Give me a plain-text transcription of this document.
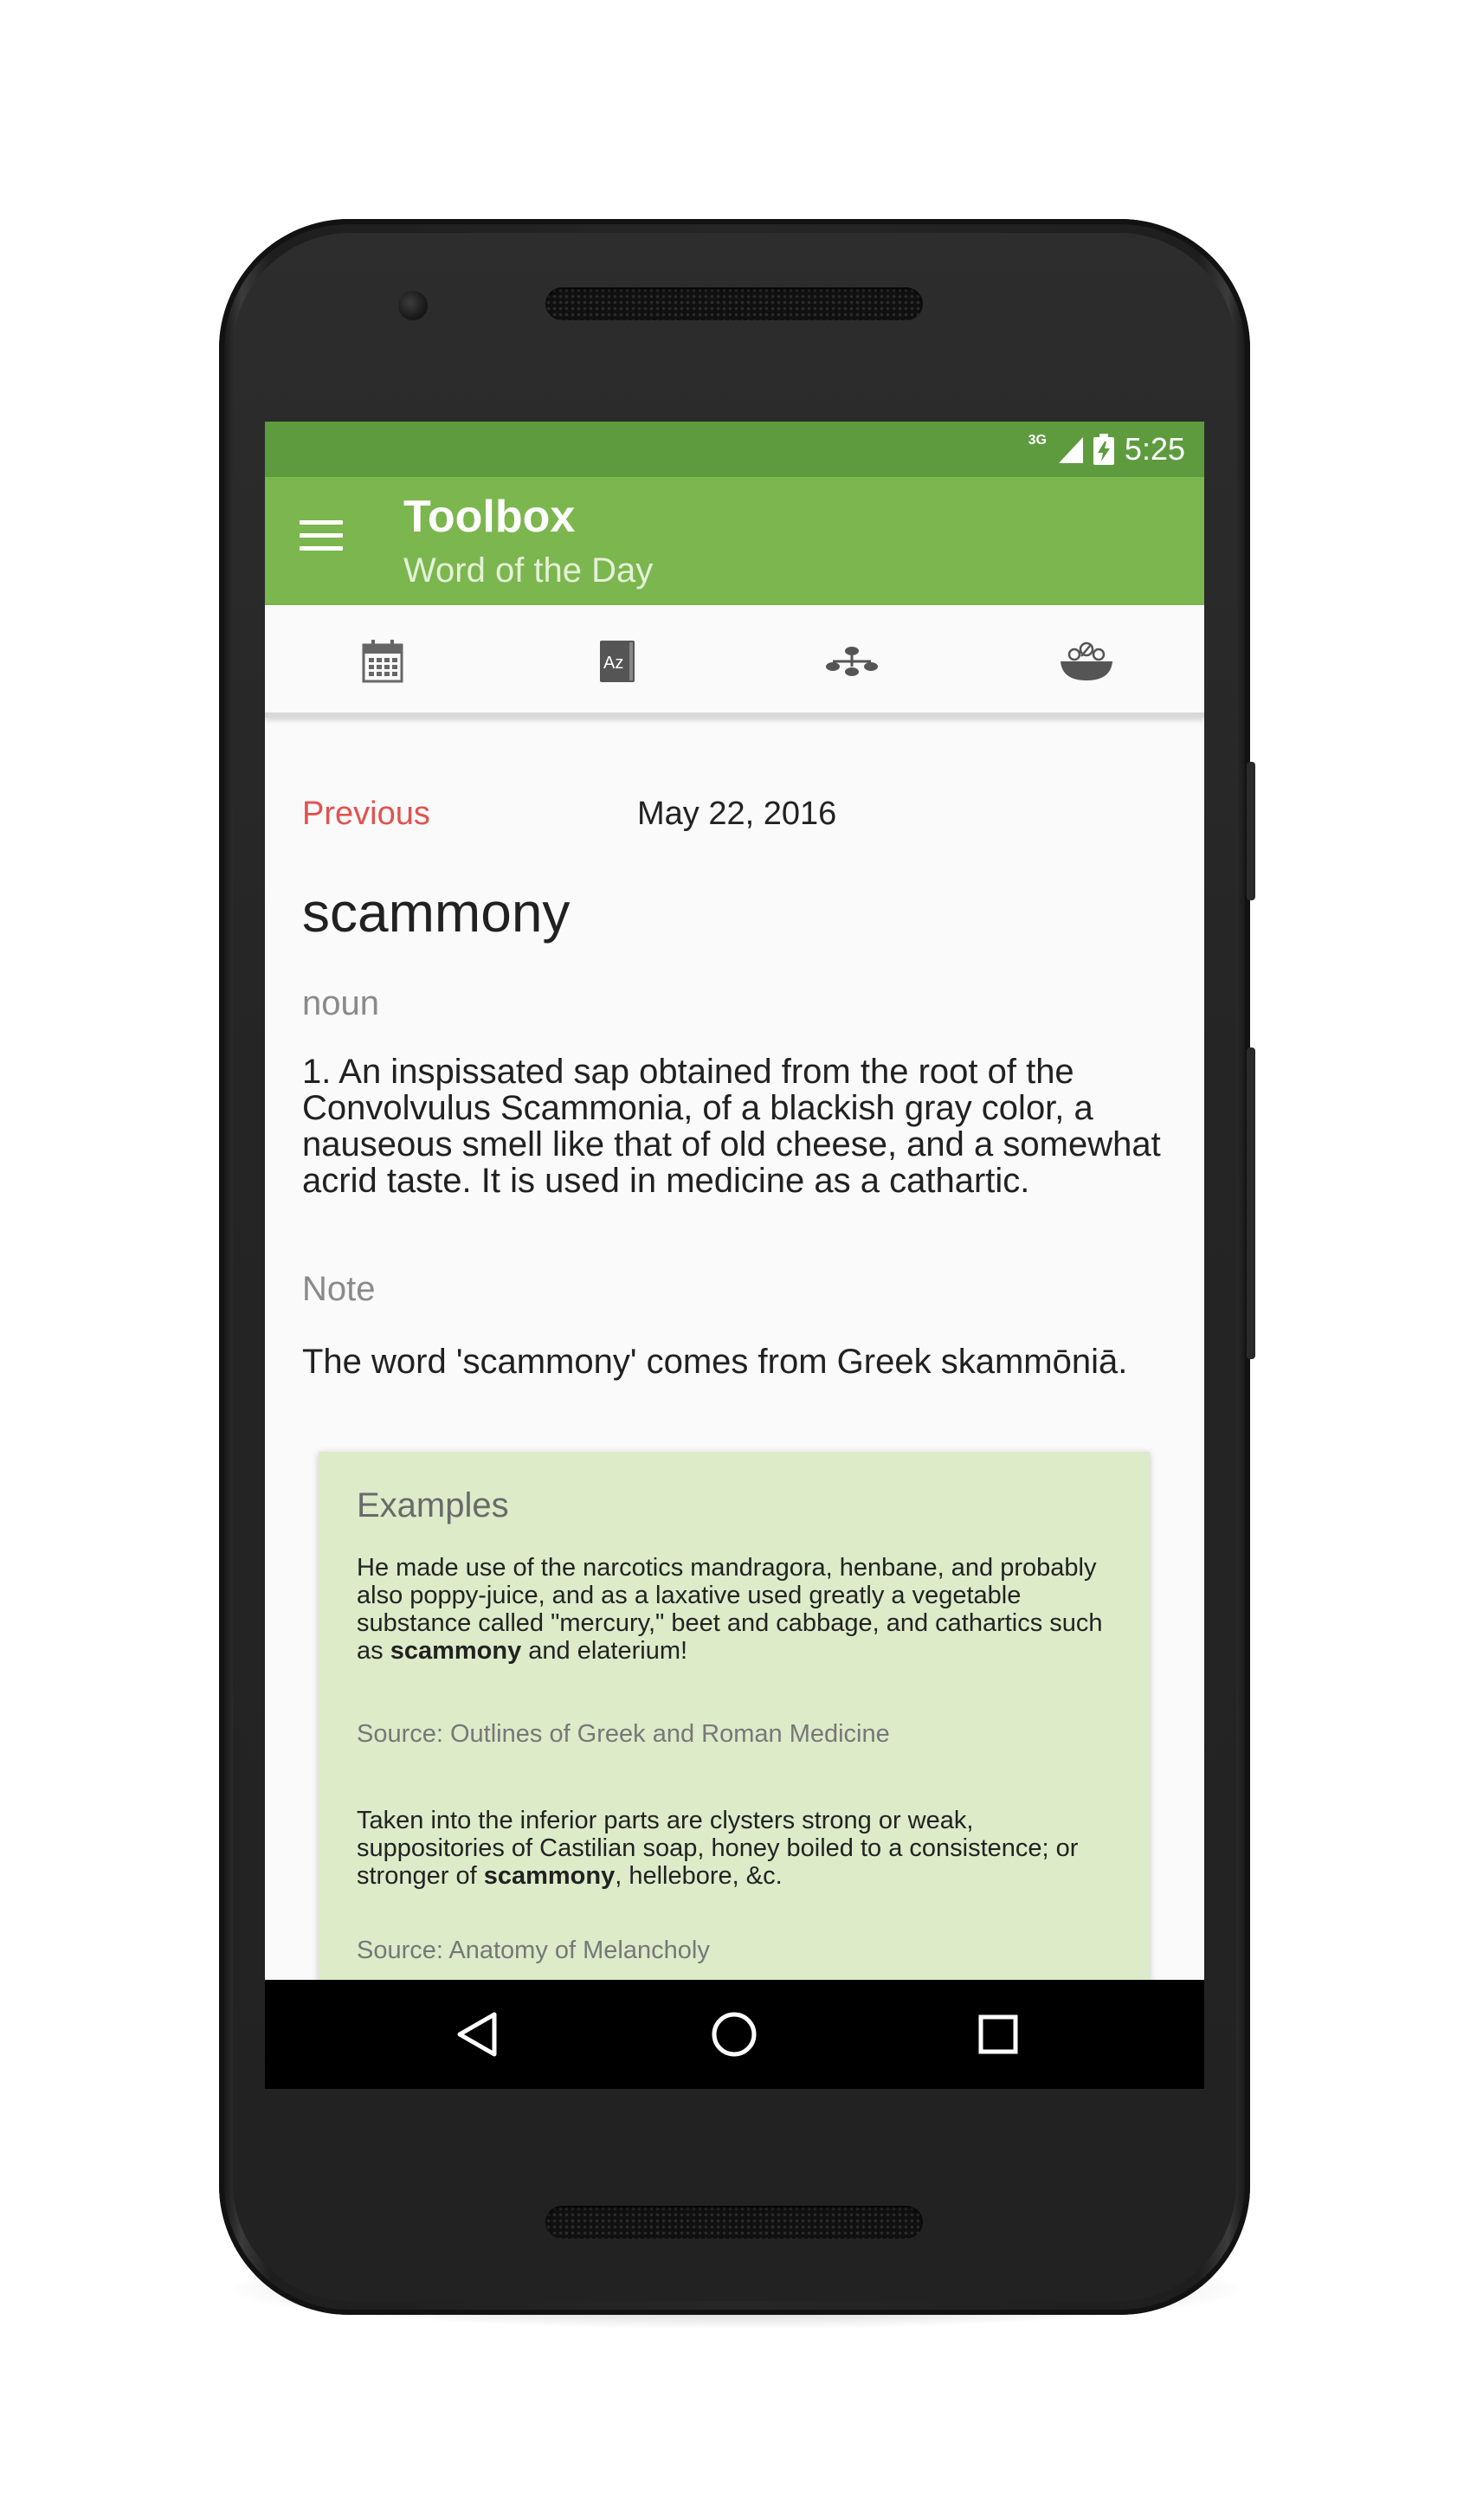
3G	5:25
Toolbox
Word of the Day
Az
Previous	May 22, 2016
scammony
noun
1. An inspissated sap obtained from the root of the Convolvulus Scammonia, of a blackish gray color, a nauseous smell like that of old cheese, and a somewhat acrid taste. It is used in medicine as a cathartic.
Note
The word 'scammony' comes from Greek skammōniā.
Examples
He made use of the narcotics mandragora, henbane, and probably also poppy-juice, and as a laxative used greatly a vegetable substance called "mercury," beet and cabbage, and cathartics such as scammony and elaterium!
Source: Outlines of Greek and Roman Medicine
Taken into the inferior parts are clysters strong or weak, suppositories of Castilian soap, honey boiled to a consistence; or stronger of scammony, hellebore, &c.
Source: Anatomy of Melancholy
